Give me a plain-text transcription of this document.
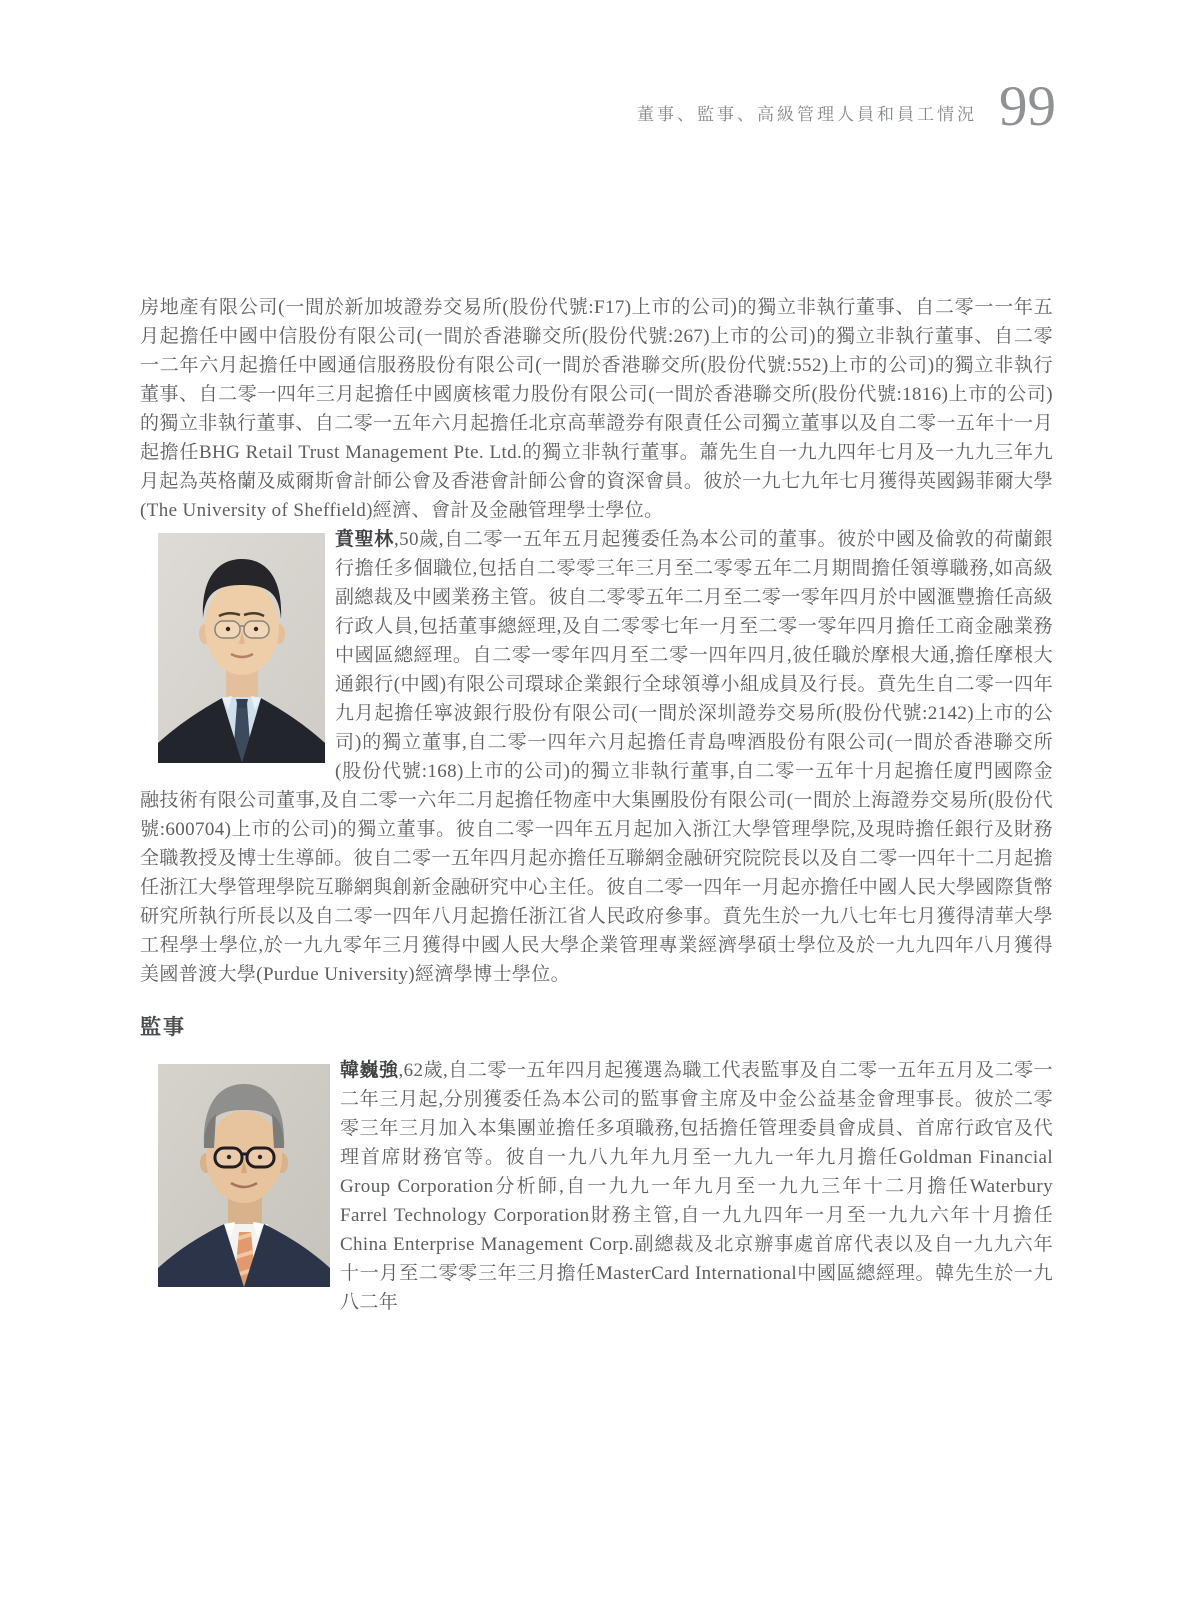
董事、監事、高級管理人員和員工情況 99

房地產有限公司(一間於新加坡證券交易所(股份代號:F17)上市的公司)的獨立非執行董事、自二零一一年五月起擔任中國中信股份有限公司(一間於香港聯交所(股份代號:267)上市的公司)的獨立非執行董事、自二零一二年六月起擔任中國通信服務股份有限公司(一間於香港聯交所(股份代號:552)上市的公司)的獨立非執行董事、自二零一四年三月起擔任中國廣核電力股份有限公司(一間於香港聯交所(股份代號:1816)上市的公司)的獨立非執行董事、自二零一五年六月起擔任北京高華證券有限責任公司獨立董事以及自二零一五年十一月起擔任BHG Retail Trust Management Pte. Ltd.的獨立非執行董事。蕭先生自一九九四年七月及一九九三年九月起為英格蘭及威爾斯會計師公會及香港會計師公會的資深會員。彼於一九七九年七月獲得英國錫菲爾大學(The University of Sheffield)經濟、會計及金融管理學士學位。

賁聖林,50歲,自二零一五年五月起獲委任為本公司的董事。彼於中國及倫敦的荷蘭銀行擔任多個職位,包括自二零零三年三月至二零零五年二月期間擔任領導職務,如高級副總裁及中國業務主管。彼自二零零五年二月至二零一零年四月於中國滙豐擔任高級行政人員,包括董事總經理,及自二零零七年一月至二零一零年四月擔任工商金融業務中國區總經理。自二零一零年四月至二零一四年四月,彼任職於摩根大通,擔任摩根大通銀行(中國)有限公司環球企業銀行全球領導小組成員及行長。賁先生自二零一四年九月起擔任寧波銀行股份有限公司(一間於深圳證券交易所(股份代號:2142)上市的公司)的獨立董事,自二零一四年六月起擔任青島啤酒股份有限公司(一間於香港聯交所(股份代號:168)上市的公司)的獨立非執行董事,自二零一五年十月起擔任廈門國際金融技術有限公司董事,及自二零一六年二月起擔任物產中大集團股份有限公司(一間於上海證券交易所(股份代號:600704)上市的公司)的獨立董事。彼自二零一四年五月起加入浙江大學管理學院,及現時擔任銀行及財務全職教授及博士生導師。彼自二零一五年四月起亦擔任互聯網金融研究院院長以及自二零一四年十二月起擔任浙江大學管理學院互聯網與創新金融研究中心主任。彼自二零一四年一月起亦擔任中國人民大學國際貨幣研究所執行所長以及自二零一四年八月起擔任浙江省人民政府參事。賁先生於一九八七年七月獲得清華大學工程學士學位,於一九九零年三月獲得中國人民大學企業管理專業經濟學碩士學位及於一九九四年八月獲得美國普渡大學(Purdue University)經濟學博士學位。

監事

韓巍強,62歲,自二零一五年四月起獲選為職工代表監事及自二零一五年五月及二零一二年三月起,分別獲委任為本公司的監事會主席及中金公益基金會理事長。彼於二零零三年三月加入本集團並擔任多項職務,包括擔任管理委員會成員、首席行政官及代理首席財務官等。彼自一九八九年九月至一九九一年九月擔任Goldman Financial Group Corporation分析師,自一九九一年九月至一九九三年十二月擔任Waterbury Farrel Technology Corporation財務主管,自一九九四年一月至一九九六年十月擔任China Enterprise Management Corp.副總裁及北京辦事處首席代表以及自一九九六年十一月至二零零三年三月擔任MasterCard International中國區總經理。韓先生於一九八二年
